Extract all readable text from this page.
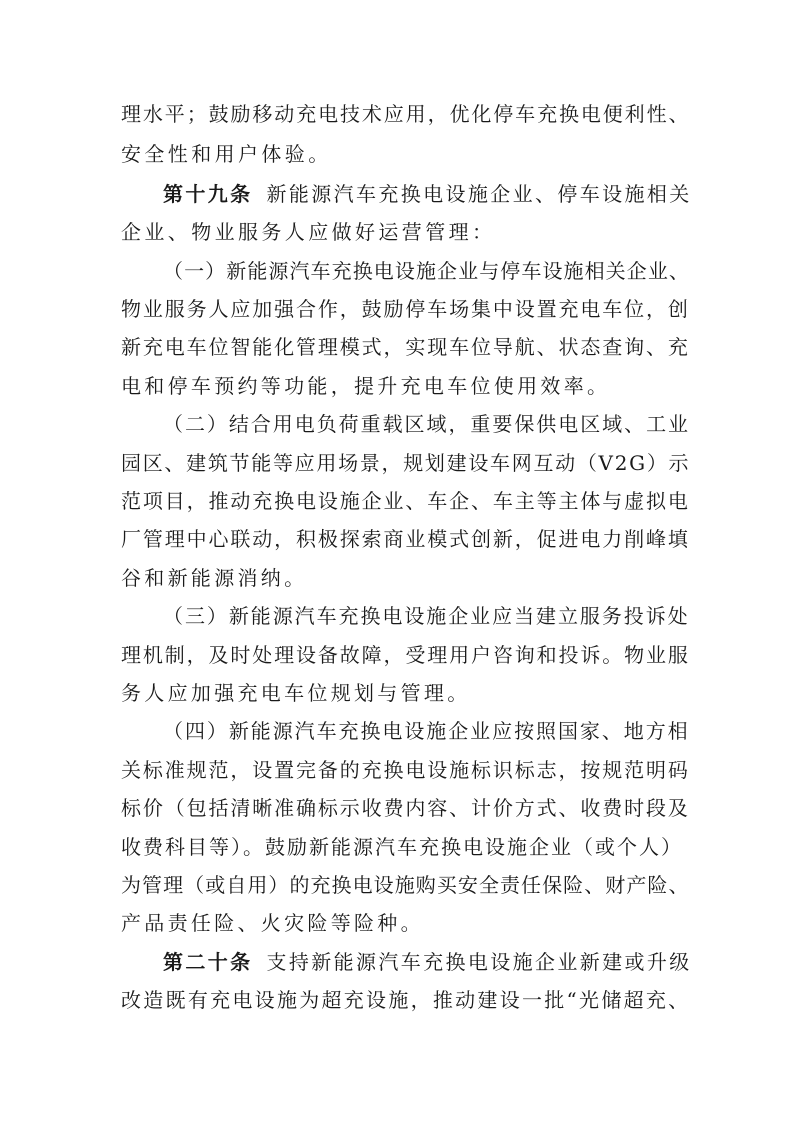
理水平；鼓励移动充电技术应用，优化停车充换电便利性、
安全性和用户体验。
第十九条 新能源汽车充换电设施企业、停车设施相关
企业、物业服务人应做好运营管理：
（一）新能源汽车充换电设施企业与停车设施相关企业、
物业服务人应加强合作，鼓励停车场集中设置充电车位，创
新充电车位智能化管理模式，实现车位导航、状态查询、充
电和停车预约等功能，提升充电车位使用效率。
（二）结合用电负荷重载区域，重要保供电区域、工业
园区、建筑节能等应用场景，规划建设车网互动（V2G）示
范项目，推动充换电设施企业、车企、车主等主体与虚拟电
厂管理中心联动，积极探索商业模式创新，促进电力削峰填
谷和新能源消纳。
（三）新能源汽车充换电设施企业应当建立服务投诉处
理机制，及时处理设备故障，受理用户咨询和投诉。物业服
务人应加强充电车位规划与管理。
（四）新能源汽车充换电设施企业应按照国家、地方相
关标准规范，设置完备的充换电设施标识标志，按规范明码
标价（包括清晰准确标示收费内容、计价方式、收费时段及
收费科目等）。鼓励新能源汽车充换电设施企业（或个人）
为管理（或自用）的充换电设施购买安全责任保险、财产险、
产品责任险、火灾险等险种。
第二十条 支持新能源汽车充换电设施企业新建或升级
改造既有充电设施为超充设施，推动建设一批“光储超充、
